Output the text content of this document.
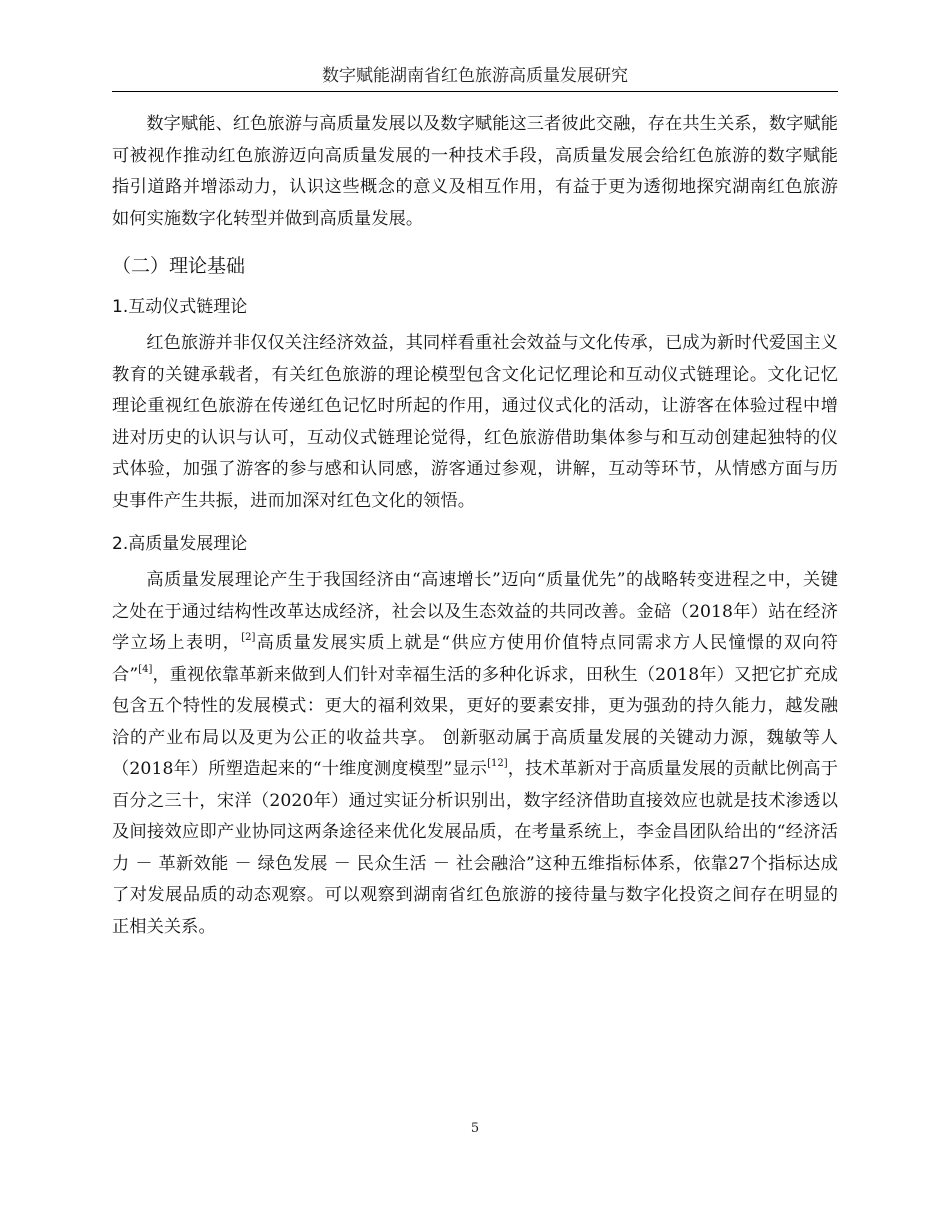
数字赋能湖南省红色旅游高质量发展研究

数字赋能、红色旅游与高质量发展以及数字赋能这三者彼此交融，存在共生关系，数字赋能可被视作推动红色旅游迈向高质量发展的一种技术手段，高质量发展会给红色旅游的数字赋能指引道路并增添动力，认识这些概念的意义及相互作用，有益于更为透彻地探究湖南红色旅游如何实施数字化转型并做到高质量发展。

（二）理论基础
1.互动仪式链理论

红色旅游并非仅仅关注经济效益，其同样看重社会效益与文化传承，已成为新时代爱国主义教育的关键承载者，有关红色旅游的理论模型包含文化记忆理论和互动仪式链理论。文化记忆理论重视红色旅游在传递红色记忆时所起的作用，通过仪式化的活动，让游客在体验过程中增进对历史的认识与认可，互动仪式链理论觉得，红色旅游借助集体参与和互动创建起独特的仪式体验，加强了游客的参与感和认同感，游客通过参观，讲解，互动等环节，从情感方面与历史事件产生共振，进而加深对红色文化的领悟。

2.高质量发展理论

高质量发展理论产生于我国经济由“高速增长”迈向“质量优先”的战略转变进程之中，关键之处在于通过结构性改革达成经济，社会以及生态效益的共同改善。金碚（2018年）站在经济学立场上表明，[2]高质量发展实质上就是“供应方使用价值特点同需求方人民憧憬的双向符合”[4]，重视依靠革新来做到人们针对幸福生活的多种化诉求，田秋生（2018年）又把它扩充成包含五个特性的发展模式：更大的福利效果，更好的要素安排，更为强劲的持久能力，越发融洽的产业布局以及更为公正的收益共享。 创新驱动属于高质量发展的关键动力源，魏敏等人（2018年）所塑造起来的“十维度测度模型”显示[12]，技术革新对于高质量发展的贡献比例高于百分之三十，宋洋（2020年）通过实证分析识别出，数字经济借助直接效应也就是技术渗透以及间接效应即产业协同这两条途径来优化发展品质，在考量系统上，李金昌团队给出的“经济活力 － 革新效能 － 绿色发展 － 民众生活 － 社会融洽”这种五维指标体系，依靠27个指标达成了对发展品质的动态观察。可以观察到湖南省红色旅游的接待量与数字化投资之间存在明显的正相关关系。

5
